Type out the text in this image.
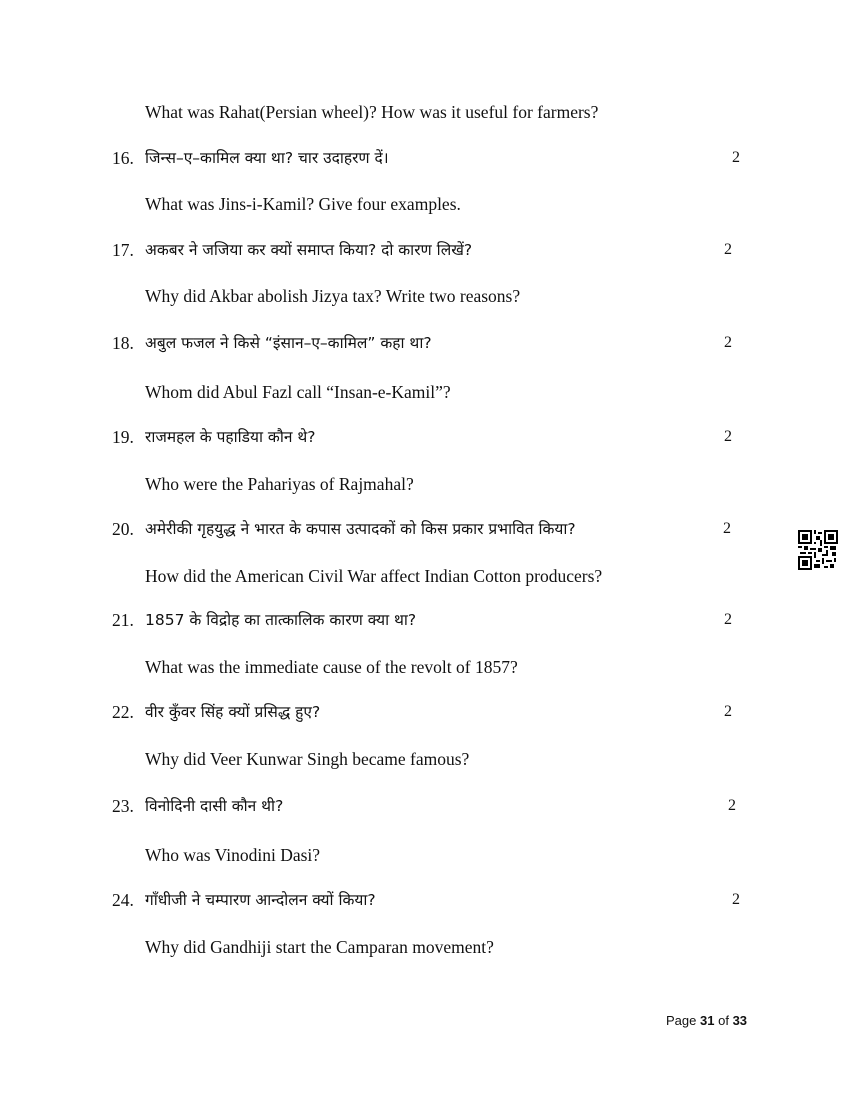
What was Rahat(Persian wheel)? How was it useful for farmers?
16. जिन्स–ए–कामिल क्या था? चार उदाहरण दें।	2
What was Jins-i-Kamil? Give four examples.
17. अकबर ने जजिया कर क्यों समाप्त किया? दो कारण लिखें?	2
Why did Akbar abolish Jizya tax? Write two reasons?
18. अबुल फजल ने किसे “इंसान–ए–कामिल” कहा था?	2
Whom did Abul Fazl call “Insan-e-Kamil”?
19. राजमहल के पहाडिया कौन थे?	2
Who were the Pahariyas of Rajmahal?
20. अमेरीकी गृहयुद्ध ने भारत के कपास उत्पादकों को किस प्रकार प्रभावित किया?	2
How did the American Civil War affect Indian Cotton producers?
21. 1857 के विद्रोह का तात्कालिक कारण क्या था?	2
What was the immediate cause of the revolt of 1857?
22. वीर कुँवर सिंह क्यों प्रसिद्ध हुए?	2
Why did Veer Kunwar Singh became famous?
23. विनोदिनी दासी कौन थी?	2
Who was Vinodini Dasi?
24. गाँधीजी ने चम्पारण आन्दोलन क्यों किया?	2
Why did Gandhiji start the Camparan movement?
Page 31 of 33
